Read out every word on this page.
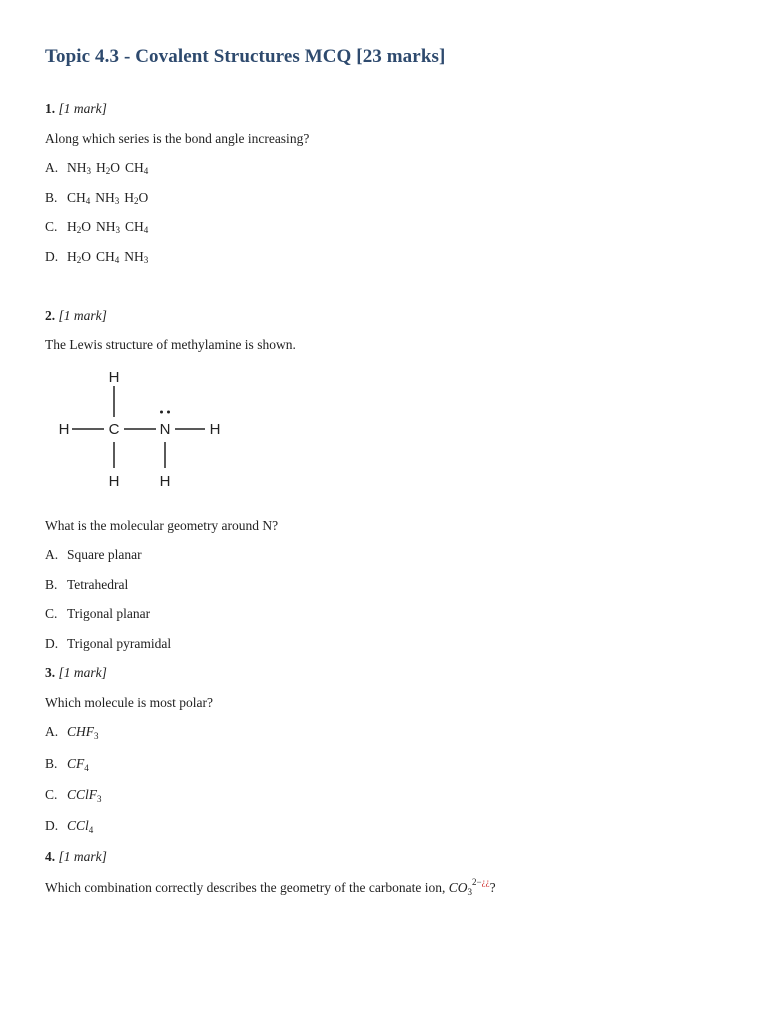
Topic 4.3 - Covalent Structures MCQ [23 marks]
1. [1 mark]
Along which series is the bond angle increasing?
A. $NH_3$ $H_2O$ $CH_4$
B. $CH_4$ $NH_3$ $H_2O$
C. $H_2O$ $NH_3$ $CH_4$
D. $H_2O$ $CH_4$ $NH_3$
2. [1 mark]
The Lewis structure of methylamine is shown.
H
H	C	N	H
H	H
What is the molecular geometry around N?
A. Square planar
B. Tetrahedral
C. Trigonal planar
D. Trigonal pyramidal
3. [1 mark]
Which molecule is most polar?
A. $CHF_3$
B. $CF_4$
C. CClF$_3$
D. CCl$_4$
4. [1 mark]
Which combination correctly describes the geometry of the carbonate ion, $CO_3^{2-¿¿}$?
